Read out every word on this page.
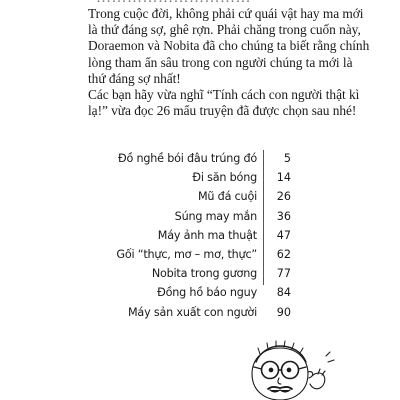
Trong cuộc đời, không phải cứ quái vật hay ma mới là thứ đáng sợ, ghê rợn. Phải chăng trong cuốn này, Doraemon và Nobita đã cho chúng ta biết rằng chính lòng tham ẩn sâu trong con người chúng ta mới là thứ đáng sợ nhất!
Các bạn hãy vừa nghĩ “Tính cách con người thật kì lạ!” vừa đọc 26 mẩu truyện đã được chọn sau nhé!

Đồ nghề bói đâu trúng đó	5
Đi săn bóng	14
Mũ đá cuội	26
Súng may mắn	36
Máy ảnh ma thuật	47
Gối “thực, mơ – mơ, thực”	62
Nobita trong gương	77
Đồng hồ báo nguy	84
Máy sản xuất con người	90
